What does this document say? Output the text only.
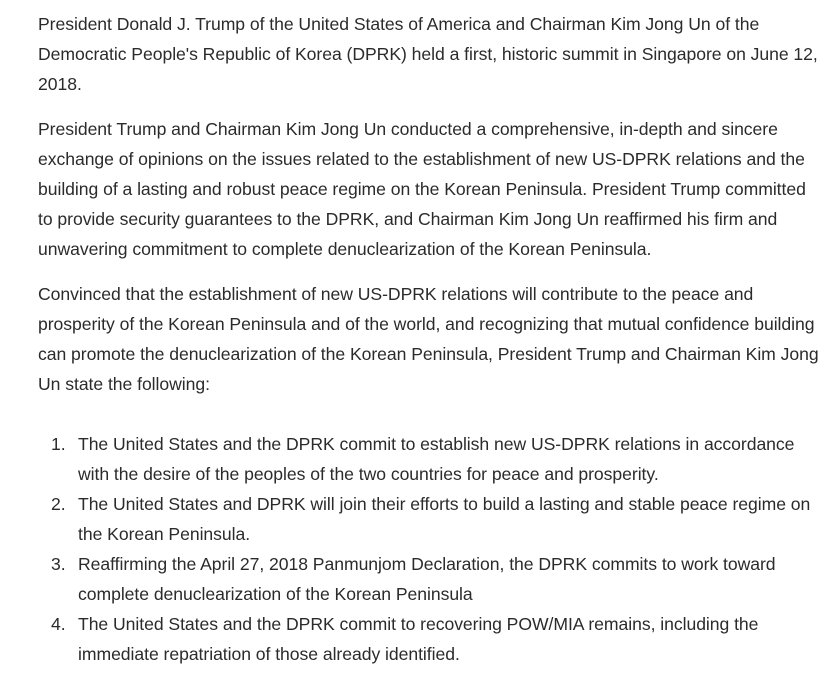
President Donald J. Trump of the United States of America and Chairman Kim Jong Un of the Democratic People's Republic of Korea (DPRK) held a first, historic summit in Singapore on June 12, 2018.

President Trump and Chairman Kim Jong Un conducted a comprehensive, in-depth and sincere exchange of opinions on the issues related to the establishment of new US-DPRK relations and the building of a lasting and robust peace regime on the Korean Peninsula. President Trump committed to provide security guarantees to the DPRK, and Chairman Kim Jong Un reaffirmed his firm and unwavering commitment to complete denuclearization of the Korean Peninsula.

Convinced that the establishment of new US-DPRK relations will contribute to the peace and prosperity of the Korean Peninsula and of the world, and recognizing that mutual confidence building can promote the denuclearization of the Korean Peninsula, President Trump and Chairman Kim Jong Un state the following:

1. The United States and the DPRK commit to establish new US-DPRK relations in accordance with the desire of the peoples of the two countries for peace and prosperity.
2. The United States and DPRK will join their efforts to build a lasting and stable peace regime on the Korean Peninsula.
3. Reaffirming the April 27, 2018 Panmunjom Declaration, the DPRK commits to work toward complete denuclearization of the Korean Peninsula
4. The United States and the DPRK commit to recovering POW/MIA remains, including the immediate repatriation of those already identified.
